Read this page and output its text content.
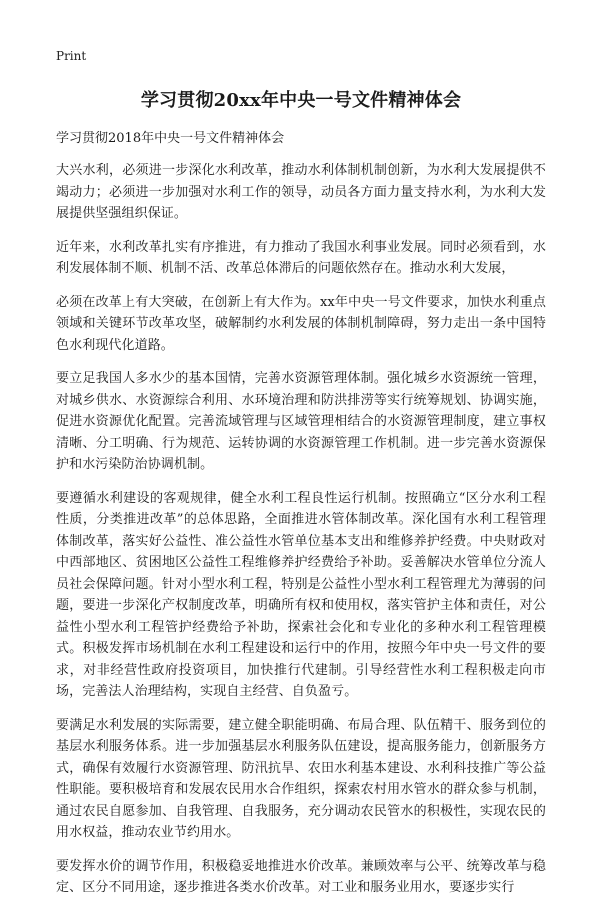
Print
学习贯彻20xx年中央一号文件精神体会
学习贯彻2018年中央一号文件精神体会

大兴水利，必须进一步深化水利改革，推动水利体制机制创新，为水利大发展提供不竭动力；必须进一步加强对水利工作的领导，动员各方面力量支持水利，为水利大发展提供坚强组织保证。

近年来，水利改革扎实有序推进，有力推动了我国水利事业发展。同时必须看到，水利发展体制不顺、机制不活、改革总体滞后的问题依然存在。推动水利大发展，

必须在改革上有大突破，在创新上有大作为。xx年中央一号文件要求，加快水利重点领域和关键环节改革攻坚，破解制约水利发展的体制机制障碍，努力走出一条中国特色水利现代化道路。

要立足我国人多水少的基本国情，完善水资源管理体制。强化城乡水资源统一管理，对城乡供水、水资源综合利用、水环境治理和防洪排涝等实行统筹规划、协调实施，促进水资源优化配置。完善流域管理与区域管理相结合的水资源管理制度，建立事权清晰、分工明确、行为规范、运转协调的水资源管理工作机制。进一步完善水资源保护和水污染防治协调机制。

要遵循水利建设的客观规律，健全水利工程良性运行机制。按照确立“区分水利工程性质，分类推进改革”的总体思路，全面推进水管体制改革。深化国有水利工程管理体制改革，落实好公益性、准公益性水管单位基本支出和维修养护经费。中央财政对中西部地区、贫困地区公益性工程维修养护经费给予补助。妥善解决水管单位分流人员社会保障问题。针对小型水利工程，特别是公益性小型水利工程管理尤为薄弱的问题，要进一步深化产权制度改革，明确所有权和使用权，落实管护主体和责任，对公益性小型水利工程管护经费给予补助，探索社会化和专业化的多种水利工程管理模式。积极发挥市场机制在水利工程建设和运行中的作用，按照今年中央一号文件的要求，对非经营性政府投资项目，加快推行代建制。引导经营性水利工程积极走向市场，完善法人治理结构，实现自主经营、自负盈亏。

要满足水利发展的实际需要，建立健全职能明确、布局合理、队伍精干、服务到位的基层水利服务体系。进一步加强基层水利服务队伍建设，提高服务能力，创新服务方式，确保有效履行水资源管理、防汛抗旱、农田水利基本建设、水利科技推广等公益性职能。要积极培育和发展农民用水合作组织，探索农村用水管水的群众参与机制，通过农民自愿参加、自我管理、自我服务，充分调动农民管水的积极性，实现农民的用水权益，推动农业节约用水。

要发挥水价的调节作用，积极稳妥地推进水价改革。兼顾效率与公平、统筹改革与稳定、区分不同用途，逐步推进各类水价改革。对工业和服务业用水，要逐步实行
